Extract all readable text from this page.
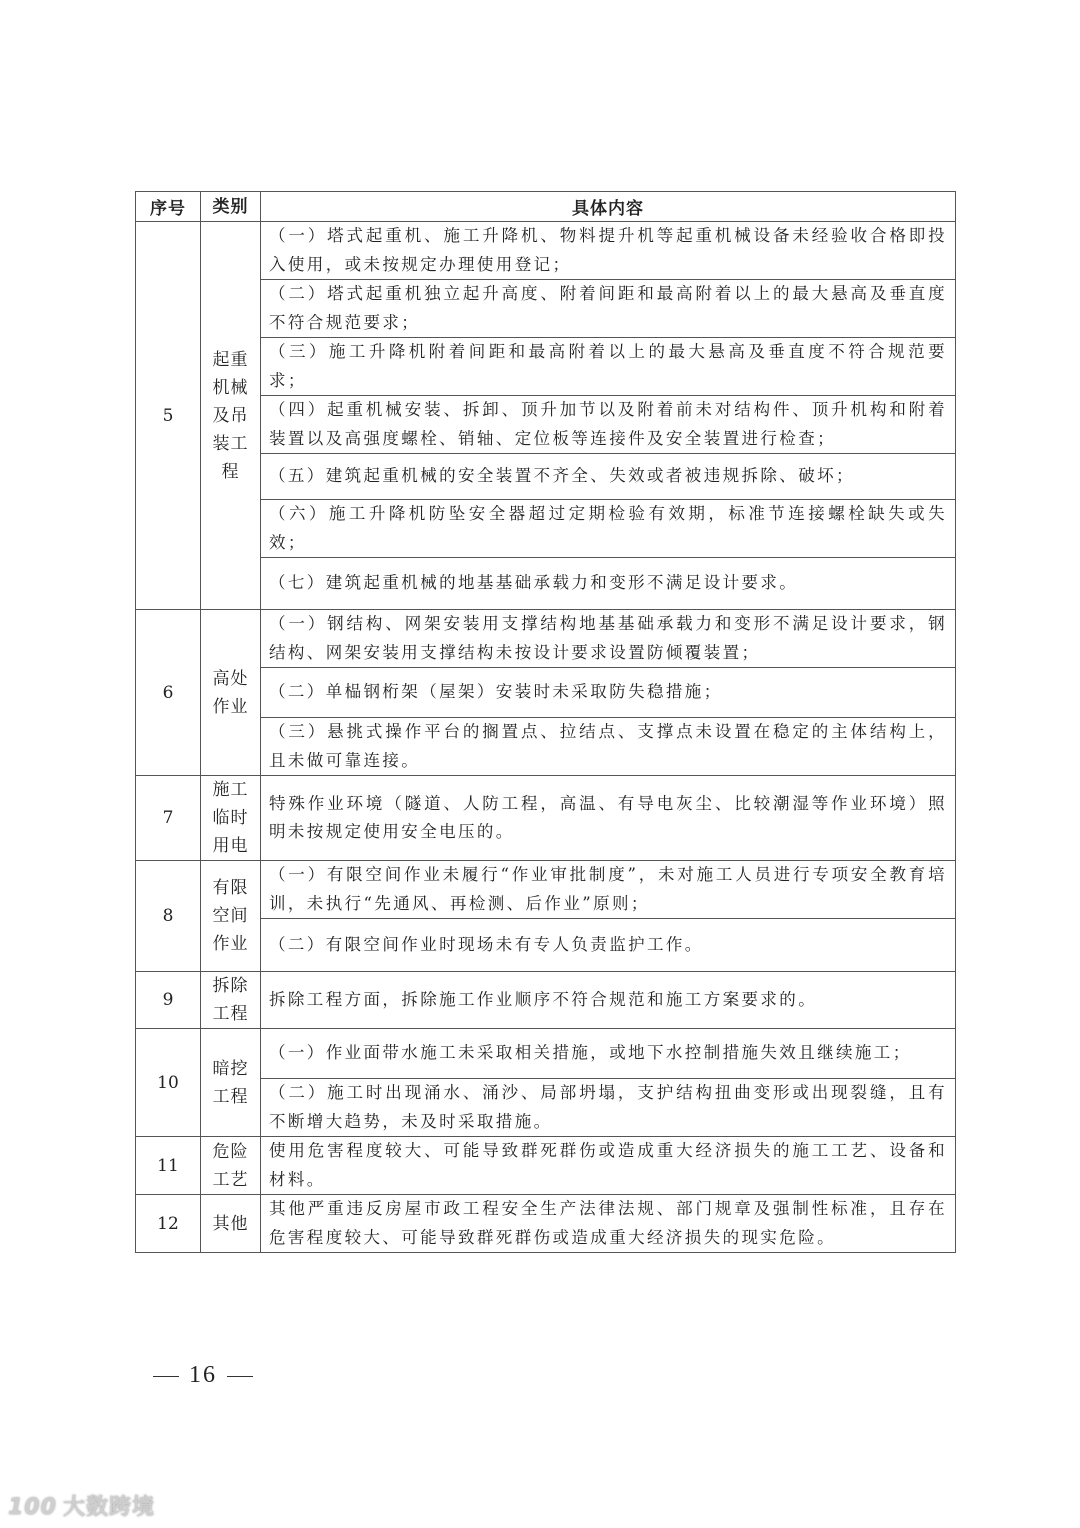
序号	类别	具体内容
5	起重机械及吊装工程	（一）塔式起重机、施工升降机、物料提升机等起重机械设备未经验收合格即投入使用，或未按规定办理使用登记；
		（二）塔式起重机独立起升高度、附着间距和最高附着以上的最大悬高及垂直度不符合规范要求；
		（三）施工升降机附着间距和最高附着以上的最大悬高及垂直度不符合规范要求；
		（四）起重机械安装、拆卸、顶升加节以及附着前未对结构件、顶升机构和附着装置以及高强度螺栓、销轴、定位板等连接件及安全装置进行检查；
		（五）建筑起重机械的安全装置不齐全、失效或者被违规拆除、破坏；
		（六）施工升降机防坠安全器超过定期检验有效期，标准节连接螺栓缺失或失效；
		（七）建筑起重机械的地基基础承载力和变形不满足设计要求。
6	高处作业	（一）钢结构、网架安装用支撑结构地基基础承载力和变形不满足设计要求，钢结构、网架安装用支撑结构未按设计要求设置防倾覆装置；
		（二）单榀钢桁架（屋架）安装时未采取防失稳措施；
		（三）悬挑式操作平台的搁置点、拉结点、支撑点未设置在稳定的主体结构上，且未做可靠连接。
7	施工临时用电	特殊作业环境（隧道、人防工程，高温、有导电灰尘、比较潮湿等作业环境）照明未按规定使用安全电压的。
8	有限空间作业	（一）有限空间作业未履行“作业审批制度”，未对施工人员进行专项安全教育培训，未执行“先通风、再检测、后作业”原则；
		（二）有限空间作业时现场未有专人负责监护工作。
9	拆除工程	拆除工程方面，拆除施工作业顺序不符合规范和施工方案要求的。
10	暗挖工程	（一）作业面带水施工未采取相关措施，或地下水控制措施失效且继续施工；
		（二）施工时出现涌水、涌沙、局部坍塌，支护结构扭曲变形或出现裂缝，且有不断增大趋势，未及时采取措施。
11	危险工艺	使用危害程度较大、可能导致群死群伤或造成重大经济损失的施工工艺、设备和材料。
12	其他	其他严重违反房屋市政工程安全生产法律法规、部门规章及强制性标准，且存在危害程度较大、可能导致群死群伤或造成重大经济损失的现实危险。
16
100 大数跨境
